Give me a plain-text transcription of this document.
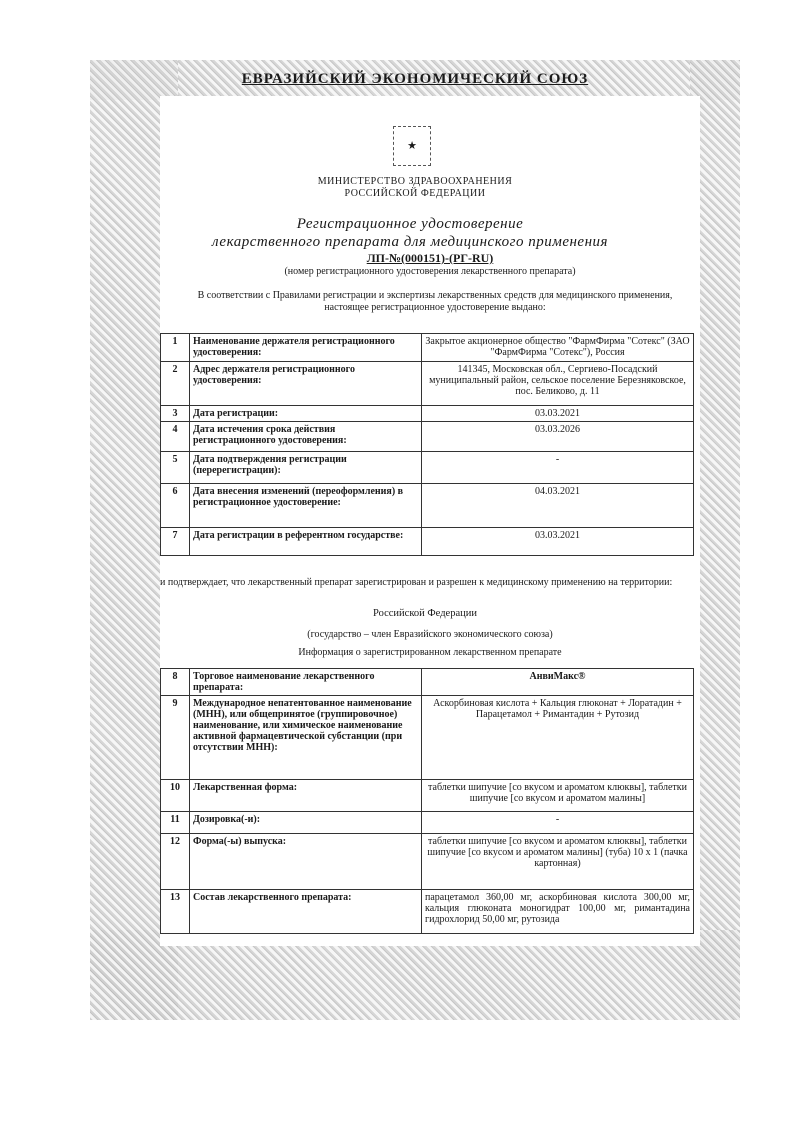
ЕВРАЗИЙСКИЙ ЭКОНОМИЧЕСКИЙ СОЮЗ
★
МИНИСТЕРСТВО ЗДРАВООХРАНЕНИЯ
РОССИЙСКОЙ ФЕДЕРАЦИИ
Регистрационное удостоверение
лекарственного препарата для медицинского применения
ЛП-№(000151)-(РГ-RU)
(номер регистрационного удостоверения лекарственного препарата)
В соответствии с Правилами регистрации и экспертизы лекарственных средств для медицинского применения, настоящее регистрационное удостоверение выдано:
1	Наименование держателя регистрационного удостоверения:	Закрытое акционерное общество "ФармФирма "Сотекс" (ЗАО "ФармФирма "Сотекс"), Россия
2	Адрес держателя регистрационного удостоверения:	141345, Московская обл., Сергиево-Посадский муниципальный район, сельское поселение Березняковское, пос. Беликово, д. 11
3	Дата регистрации:	03.03.2021
4	Дата истечения срока действия регистрационного удостоверения:	03.03.2026
5	Дата подтверждения регистрации (перерегистрации):	-
6	Дата внесения изменений (переоформления) в регистрационное удостоверение:	04.03.2021
7	Дата регистрации в референтном государстве:	03.03.2021
и подтверждает, что лекарственный препарат зарегистрирован и разрешен к медицинскому применению на территории:
Российской Федерации
(государство – член Евразийского экономического союза)
Информация о зарегистрированном лекарственном препарате
8	Торговое наименование лекарственного препарата:	АнвиМакс®
9	Международное непатентованное наименование (МНН), или общепринятое (группировочное) наименование, или химическое наименование активной фармацевтической субстанции (при отсутствии МНН):	Аскорбиновая кислота + Кальция глюконат + Лоратадин + Парацетамол + Римантадин + Рутозид
10	Лекарственная форма:	таблетки шипучие [со вкусом и ароматом клюквы], таблетки шипучие [со вкусом и ароматом малины]
11	Дозировка(-и):	-
12	Форма(-ы) выпуска:	таблетки шипучие [со вкусом и ароматом клюквы], таблетки шипучие [со вкусом и ароматом малины] (туба) 10 х 1 (пачка картонная)
13	Состав лекарственного препарата:	парацетамол 360,00 мг, аскорбиновая кислота 300,00 мг, кальция глюконата моногидрат 100,00 мг, римантадина гидрохлорид 50,00 мг, рутозида
